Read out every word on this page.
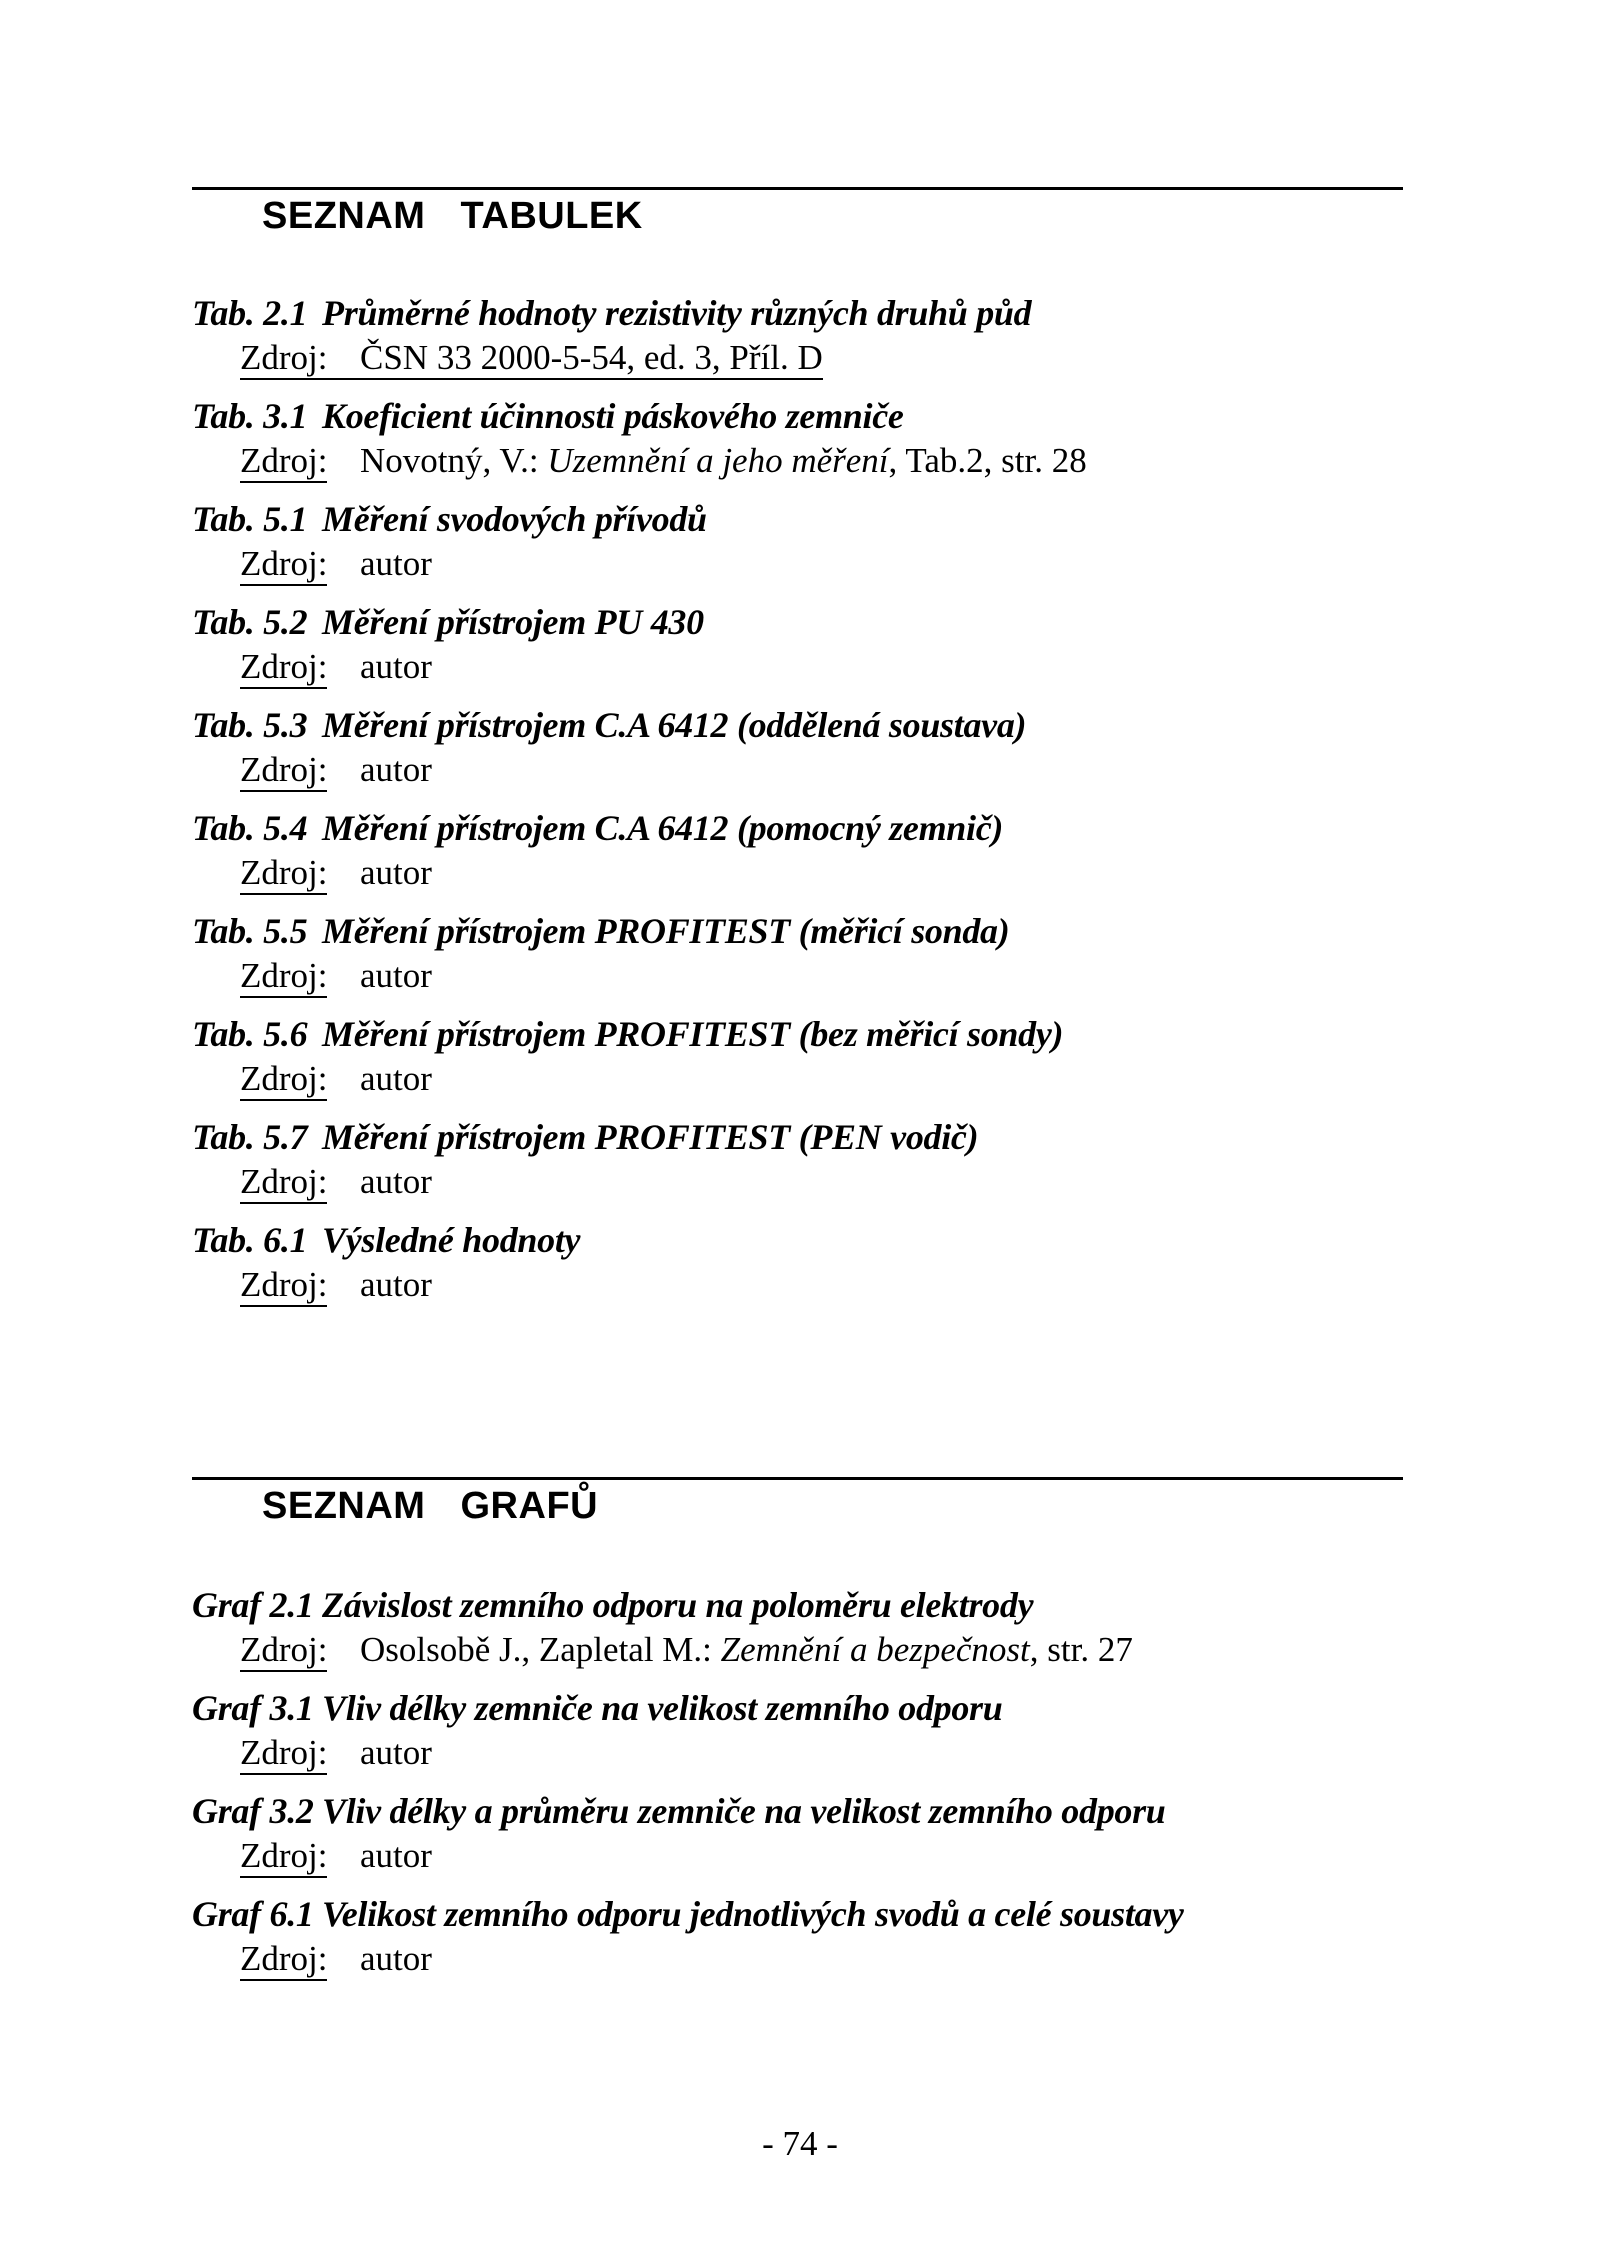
SEZNAM TABULEK
Tab. 2.1 Průměrné hodnoty rezistivity různých druhů půd
Zdroj: ČSN 33 2000-5-54, ed. 3, Příl. D
Tab. 3.1 Koeficient účinnosti páskového zemniče
Zdroj: Novotný, V.: Uzemnění a jeho měření, Tab.2, str. 28
Tab. 5.1 Měření svodových přívodů
Zdroj: autor
Tab. 5.2 Měření přístrojem PU 430
Zdroj: autor
Tab. 5.3 Měření přístrojem C.A 6412 (oddělená soustava)
Zdroj: autor
Tab. 5.4 Měření přístrojem C.A 6412 (pomocný zemnič)
Zdroj: autor
Tab. 5.5 Měření přístrojem PROFITEST (měřicí sonda)
Zdroj: autor
Tab. 5.6 Měření přístrojem PROFITEST (bez měřicí sondy)
Zdroj: autor
Tab. 5.7 Měření přístrojem PROFITEST (PEN vodič)
Zdroj: autor
Tab. 6.1 Výsledné hodnoty
Zdroj: autor
SEZNAM GRAFŮ
Graf 2.1 Závislost zemního odporu na poloměru elektrody
Zdroj: Osolsobě J., Zapletal M.: Zemnění a bezpečnost, str. 27
Graf 3.1 Vliv délky zemniče na velikost zemního odporu
Zdroj: autor
Graf 3.2 Vliv délky a průměru zemniče na velikost zemního odporu
Zdroj: autor
Graf 6.1 Velikost zemního odporu jednotlivých svodů a celé soustavy
Zdroj: autor
- 74 -
